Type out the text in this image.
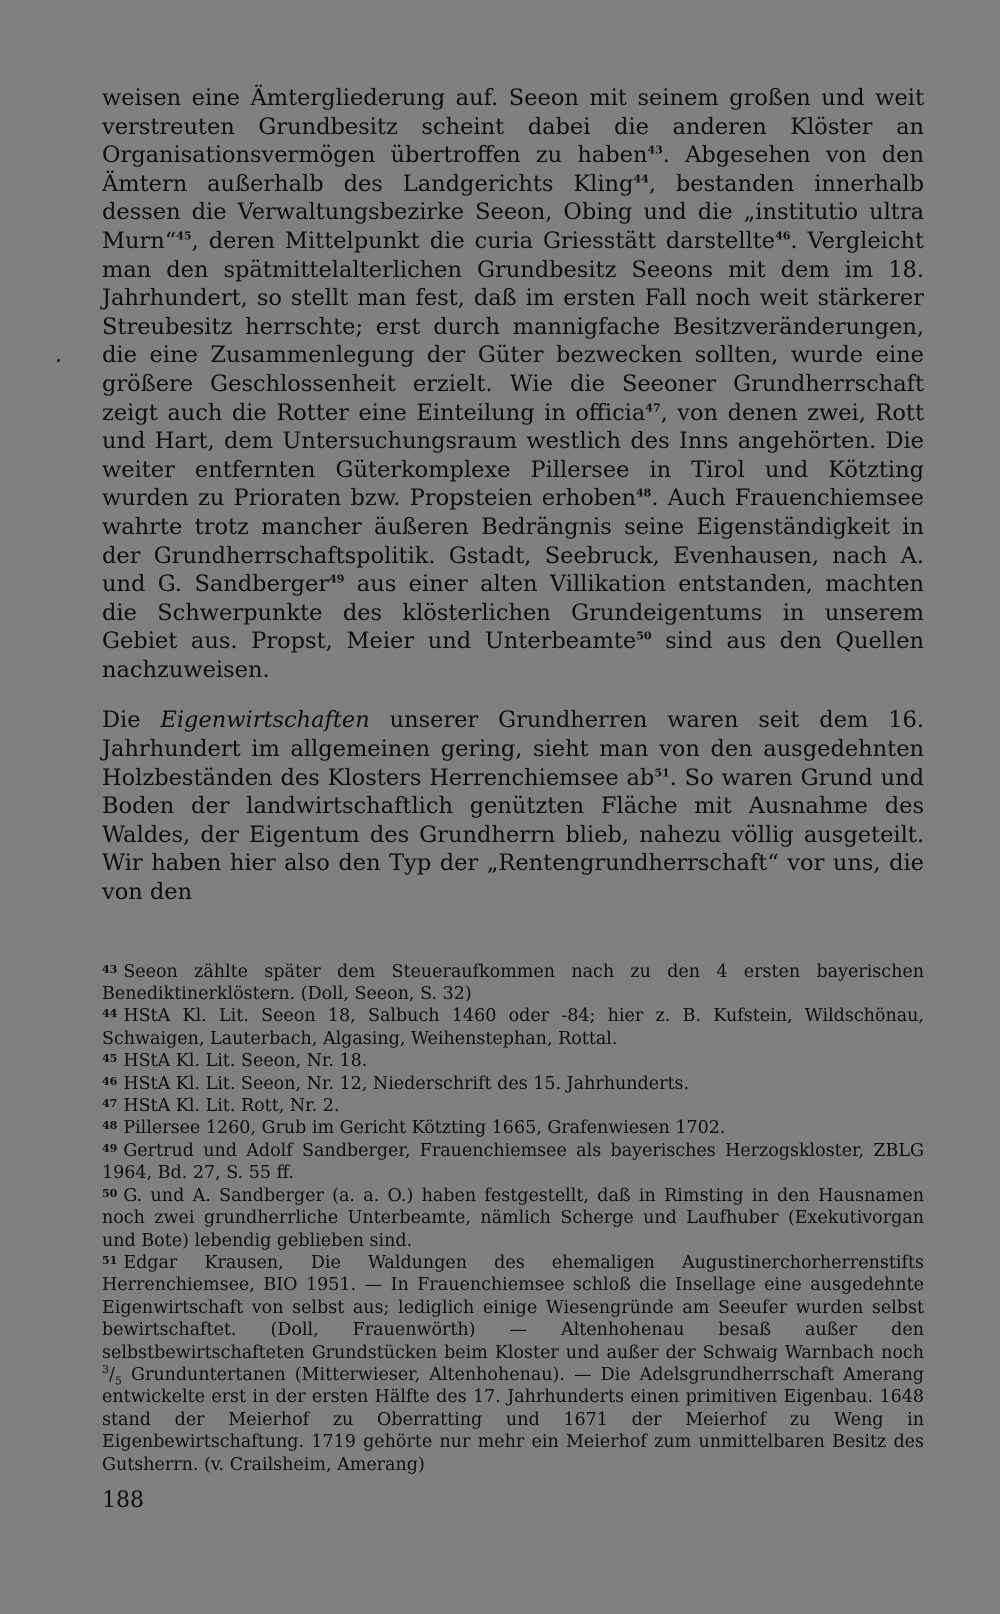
weisen eine Ämtergliederung auf. Seeon mit seinem großen und weit verstreuten Grundbesitz scheint dabei die anderen Klöster an Organisationsvermögen übertroffen zu haben$^{43}$. Abgesehen von den Ämtern außerhalb des Landgerichts Kling$^{44}$, bestanden innerhalb dessen die Verwaltungsbezirke Seeon, Obing und die „institutio ultra Murn“$^{45}$, deren Mittelpunkt die curia Griesstätt darstellte$^{46}$. Vergleicht man den spätmittelalterlichen Grundbesitz Seeons mit dem im 18. Jahrhundert, so stellt man fest, daß im ersten Fall noch weit stärkerer Streubesitz herrschte; erst durch mannigfache Besitzveränderungen, die eine Zusammenlegung der Güter bezwecken sollten, wurde eine größere Geschlossenheit erzielt. Wie die Seeoner Grundherrschaft zeigt auch die Rotter eine Einteilung in officia$^{47}$, von denen zwei, Rott und Hart, dem Untersuchungsraum westlich des Inns angehörten. Die weiter entfernten Güterkomplexe Pillersee in Tirol und Kötzting wurden zu Prioraten bzw. Propsteien erhoben$^{48}$. Auch Frauenchiemsee wahrte trotz mancher äußeren Bedrängnis seine Eigenständigkeit in der Grundherrschaftspolitik. Gstadt, Seebruck, Evenhausen, nach A. und G. Sandberger$^{49}$ aus einer alten Villikation entstanden, machten die Schwerpunkte des klösterlichen Grundeigentums in unserem Gebiet aus. Propst, Meier und Unterbeamte$^{50}$ sind aus den Quellen nachzuweisen.

Die Eigenwirtschaften unserer Grundherren waren seit dem 16. Jahrhundert im allgemeinen gering, sieht man von den ausgedehnten Holzbeständen des Klosters Herrenchiemsee $ab^{51}$. So waren Grund und Boden der landwirtschaftlich genützten Fläche mit Ausnahme des Waldes, der Eigentum des Grundherrn blieb, nahezu völlig ausgeteilt. Wir haben hier also den Typ der „Rentengrundherrschaft“ vor uns, die von den

$^{43}$ Seeon zählte später dem Steueraufkommen nach zu den 4 ersten bayerischen Benediktinerklöstern. (Doll, Seeon, S. 32)

$^{44}$ HStA Kl. Lit. Seeon 18, Salbuch 1460 oder -84; hier z. B. Kufstein, Wildschönau, Schwaigen, Lauterbach, Algasing, Weihenstephan, Rottal.

$^{45}$ HStA Kl. Lit. Seeon, Nr. 18.

$^{46}$ HStA Kl. Lit. Seeon, Nr. 12, Niederschrift des 15. Jahrhunderts.

$^{47}$ HStA Kl. Lit. Rott, Nr. 2.

$^{48}$ Pillersee 1260, Grub im Gericht Kötzting 1665, Grafenwiesen 1702.

$^{49}$ Gertrud und Adolf Sandberger, Frauenchiemsee als bayerisches Herzogskloster, ZBLG 1964, Bd. 27, S. 55 ff.

$^{50}$ G. und A. Sandberger (a. a. O.) haben festgestellt, daß in Rimsting in den Hausnamen noch zwei grundherrliche Unterbeamte, nämlich Scherge und Laufhuber (Exekutivorgan und Bote) lebendig geblieben sind.

$^{51}$ Edgar Krausen, Die Waldungen des ehemaligen Augustinerchorherrenstifts Herrenchiemsee, BIO 1951. — In Frauenchiemsee schloß die Insellage eine ausgedehnte Eigenwirtschaft von selbst aus; lediglich einige Wiesengründe am Seeufer wurden selbst bewirtschaftet. (Doll, Frauenwörth) — Altenhohenau besaß außer den selbstbewirtschafteten Grundstücken beim Kloster und außer der Schwaig Warnbach noch $^3/_5$ Grunduntertanen (Mitterwieser, Altenhohenau). — Die Adelsgrundherrschaft Amerang entwickelte erst in der ersten Hälfte des 17. Jahrhunderts einen primitiven Eigenbau. 1648 stand der Meierhof zu Oberratting und 1671 der Meierhof zu Weng in Eigenbewirtschaftung. 1719 gehörte nur mehr ein Meierhof zum unmittelbaren Besitz des Gutsherrn. (v. Crailsheim, Amerang)

188
